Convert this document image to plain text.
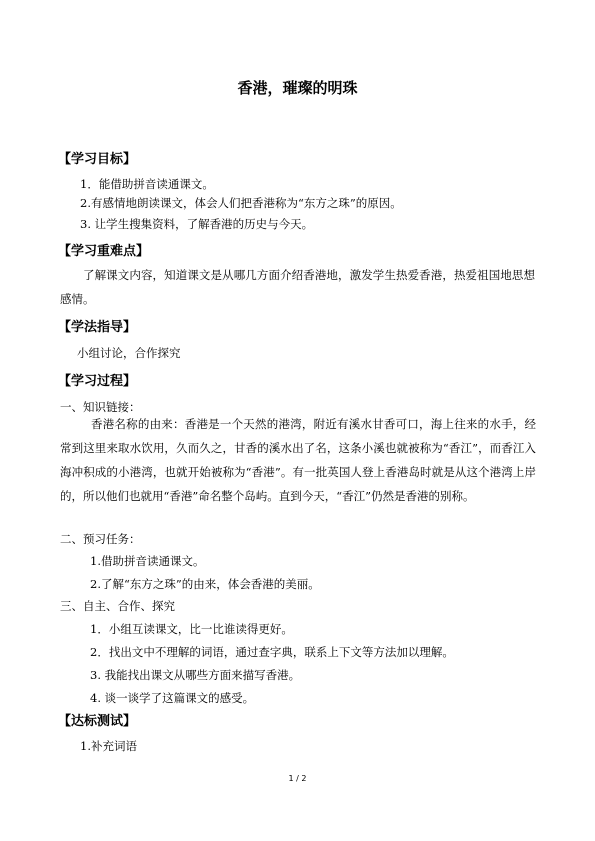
香港，璀璨的明珠
【学习目标】
1．能借助拼音读通课文。
2.有感情地朗读课文，体会人们把香港称为“东方之珠”的原因。
3. 让学生搜集资料，了解香港的历史与今天。
【学习重难点】
了解课文内容，知道课文是从哪几方面介绍香港地，激发学生热爱香港，热爱祖国地思想感情。
【学法指导】
小组讨论，合作探究
【学习过程】
一、知识链接：
香港名称的由来：香港是一个天然的港湾，附近有溪水甘香可口，海上往来的水手，经常到这里来取水饮用，久而久之，甘香的溪水出了名，这条小溪也就被称为“香江”，而香江入海冲积成的小港湾，也就开始被称为“香港”。有一批英国人登上香港岛时就是从这个港湾上岸的，所以他们也就用“香港”命名整个岛屿。直到今天，“香江”仍然是香港的别称。
二、预习任务：
1.借助拼音读通课文。
2.了解“东方之珠”的由来，体会香港的美丽。
三、自主、合作、探究
1．小组互读课文，比一比谁读得更好。
2．找出文中不理解的词语，通过查字典，联系上下文等方法加以理解。
3. 我能找出课文从哪些方面来描写香港。
4. 谈一谈学了这篇课文的感受。
【达标测试】
1.补充词语
1 / 2
